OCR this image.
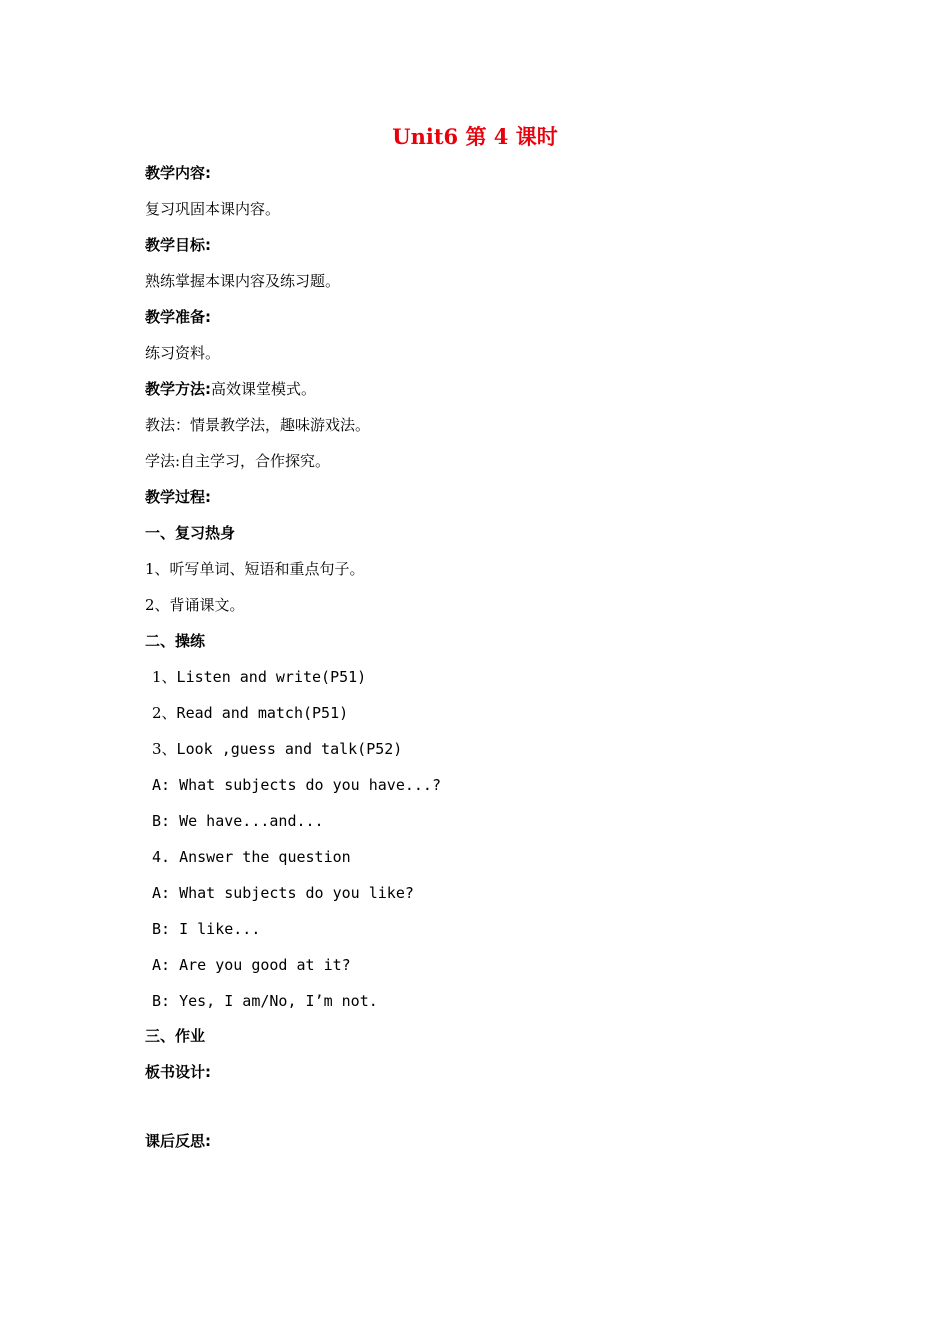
Unit6 第 4 课时
教学内容:
复习巩固本课内容。
教学目标:
熟练掌握本课内容及练习题。
教学准备:
练习资料。
教学方法:高效课堂模式。
教法：情景教学法，趣味游戏法。
学法:自主学习，合作探究。
教学过程:
一、复习热身
1、听写单词、短语和重点句子。
2、背诵课文。
二、操练
1、Listen and write(P51)
2、Read and match(P51)
3、Look ,guess and talk(P52)
A: What subjects do you have...?
B: We have...and...
4. Answer the question
A: What subjects do you like?
B: I like...
A: Are you good at it?
B: Yes, I am/No, I’m not.
三、作业
板书设计:
课后反思:
